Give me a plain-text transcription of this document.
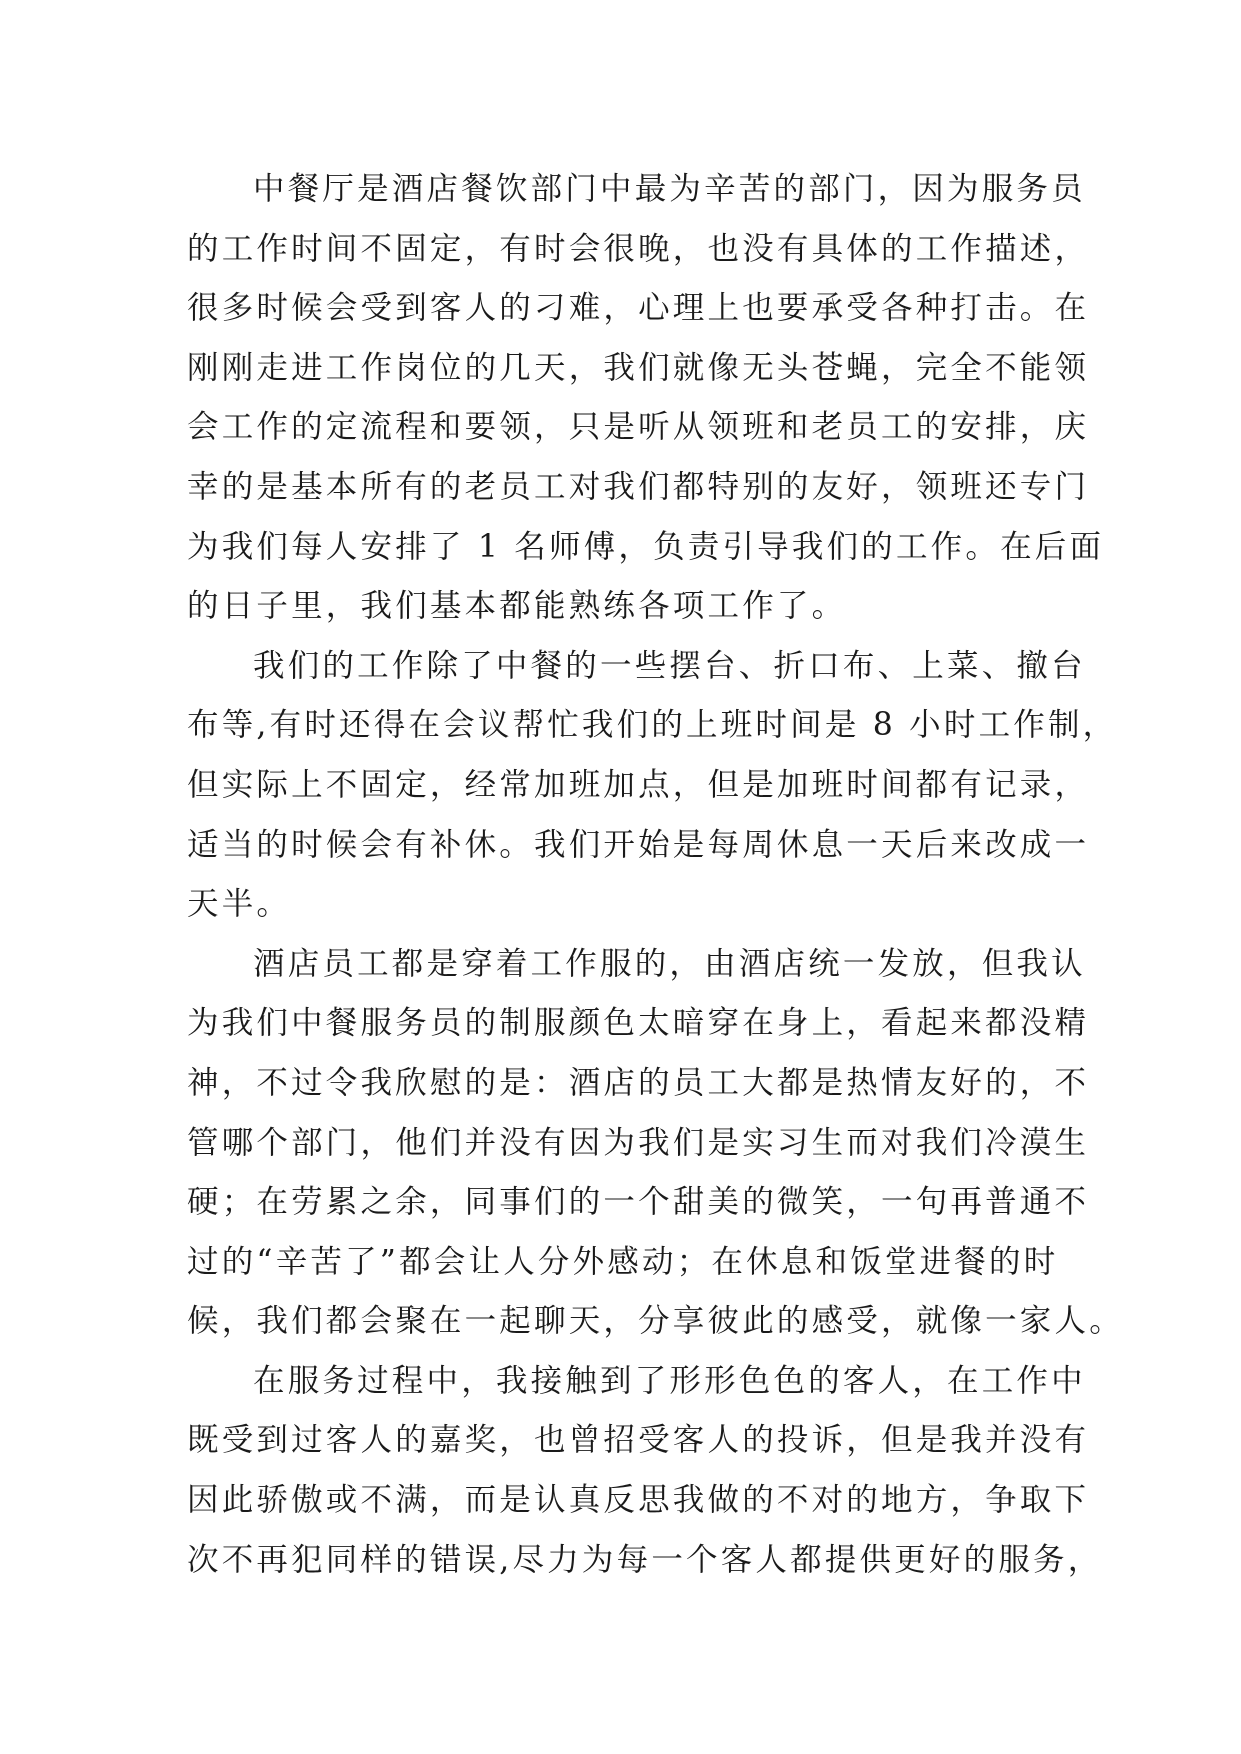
中餐厅是酒店餐饮部门中最为辛苦的部门，因为服务员
的工作时间不固定，有时会很晚，也没有具体的工作描述，
很多时候会受到客人的刁难，心理上也要承受各种打击。在
刚刚走进工作岗位的几天，我们就像无头苍蝇，完全不能领
会工作的定流程和要领，只是听从领班和老员工的安排，庆
幸的是基本所有的老员工对我们都特别的友好，领班还专门
为我们每人安排了 1 名师傅，负责引导我们的工作。在后面
的日子里，我们基本都能熟练各项工作了。
我们的工作除了中餐的一些摆台、折口布、上菜、撤台
布等,有时还得在会议帮忙我们的上班时间是 8 小时工作制，
但实际上不固定，经常加班加点，但是加班时间都有记录，
适当的时候会有补休。我们开始是每周休息一天后来改成一
天半。
酒店员工都是穿着工作服的，由酒店统一发放，但我认
为我们中餐服务员的制服颜色太暗穿在身上，看起来都没精
神，不过令我欣慰的是：酒店的员工大都是热情友好的，不
管哪个部门，他们并没有因为我们是实习生而对我们冷漠生
硬；在劳累之余，同事们的一个甜美的微笑，一句再普通不
过的“辛苦了”都会让人分外感动；在休息和饭堂进餐的时
候，我们都会聚在一起聊天，分享彼此的感受，就像一家人。
在服务过程中，我接触到了形形色色的客人，在工作中
既受到过客人的嘉奖，也曾招受客人的投诉，但是我并没有
因此骄傲或不满，而是认真反思我做的不对的地方，争取下
次不再犯同样的错误,尽力为每一个客人都提供更好的服务，
